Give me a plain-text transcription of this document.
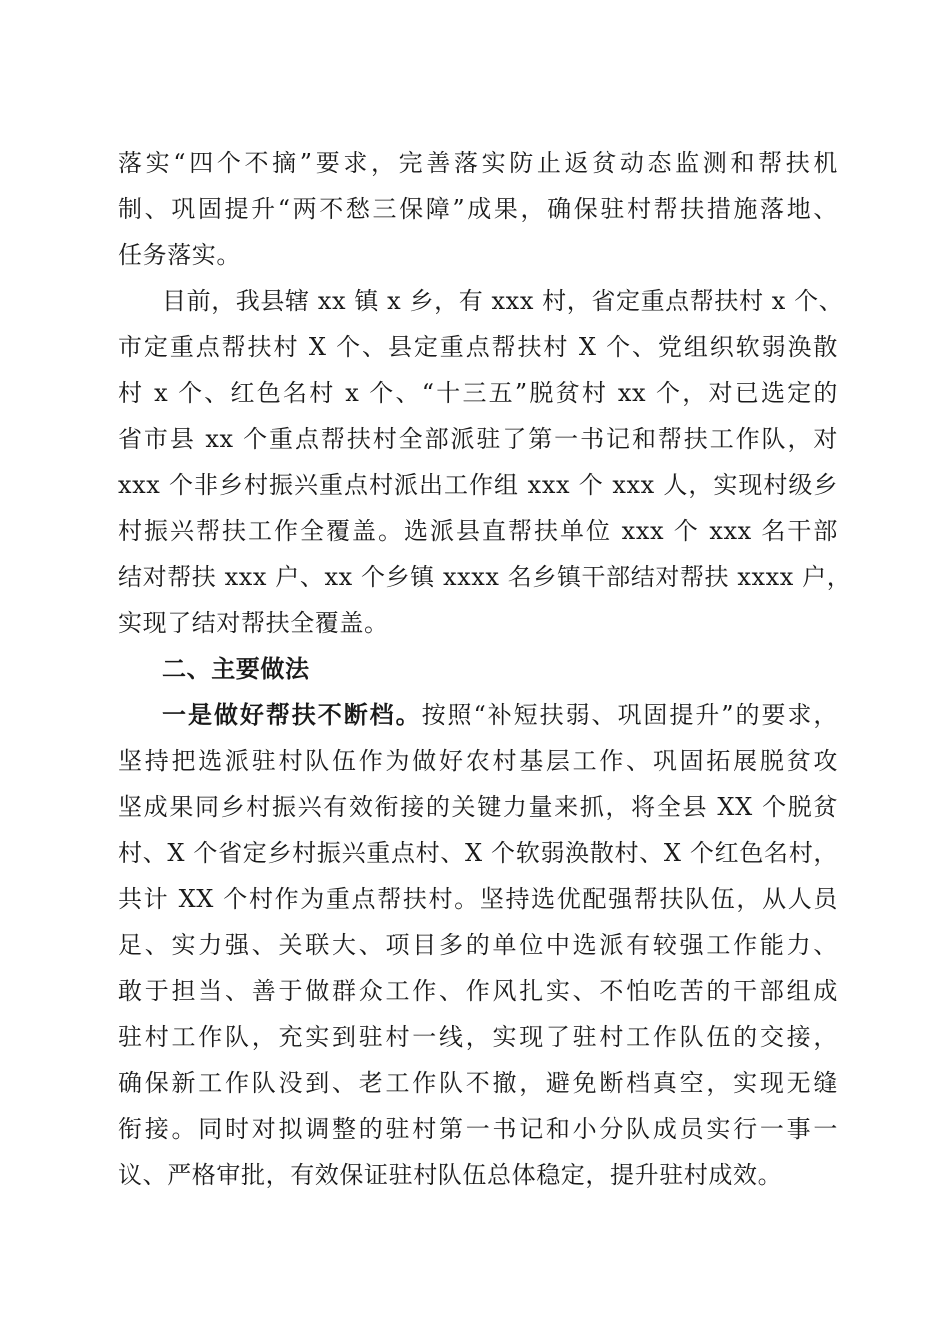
落实“四个不摘”要求，完善落实防止返贫动态监测和帮扶机
制、巩固提升“两不愁三保障”成果，确保驻村帮扶措施落地、
任务落实。
目前，我县辖 xx 镇 x 乡，有 xxx 村，省定重点帮扶村 x 个、
市定重点帮扶村 X 个、县定重点帮扶村 X 个、党组织软弱涣散
村 x 个、红色名村 x 个、“十三五”脱贫村 xx 个，对已选定的
省市县 xx 个重点帮扶村全部派驻了第一书记和帮扶工作队，对
xxx 个非乡村振兴重点村派出工作组 xxx 个 xxx 人，实现村级乡
村振兴帮扶工作全覆盖。选派县直帮扶单位 xxx 个 xxx 名干部
结对帮扶 xxx 户、xx 个乡镇 xxxx 名乡镇干部结对帮扶 xxxx 户，
实现了结对帮扶全覆盖。
二、主要做法
一是做好帮扶不断档。按照“补短扶弱、巩固提升”的要求，
坚持把选派驻村队伍作为做好农村基层工作、巩固拓展脱贫攻
坚成果同乡村振兴有效衔接的关键力量来抓，将全县 XX 个脱贫
村、X 个省定乡村振兴重点村、X 个软弱涣散村、X 个红色名村，
共计 XX 个村作为重点帮扶村。坚持选优配强帮扶队伍，从人员
足、实力强、关联大、项目多的单位中选派有较强工作能力、
敢于担当、善于做群众工作、作风扎实、不怕吃苦的干部组成
驻村工作队，充实到驻村一线，实现了驻村工作队伍的交接，
确保新工作队没到、老工作队不撤，避免断档真空，实现无缝
衔接。同时对拟调整的驻村第一书记和小分队成员实行一事一
议、严格审批，有效保证驻村队伍总体稳定，提升驻村成效。
